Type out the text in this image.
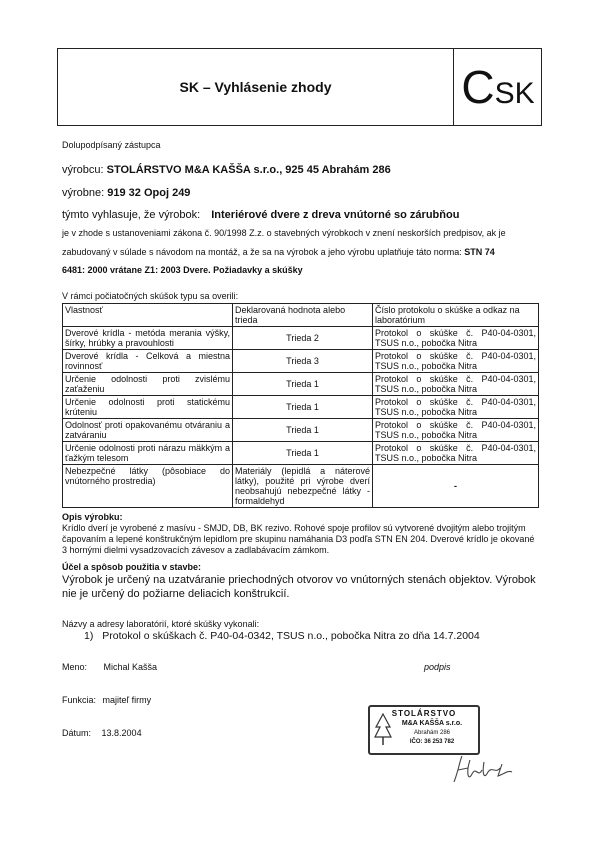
SK – Vyhlásenie zhody	CSK
Dolupodpísaný zástupca
výrobcu: STOLÁRSTVO M&A KAŠŠA s.r.o., 925 45 Abrahám 286
výrobne: 919 32 Opoj 249
týmto vyhlasuje, že výrobok: Interiérové dvere z dreva vnútorné so zárubňou
je v zhode s ustanoveniami zákona č. 90/1998 Z.z. o stavebných výrobkoch v znení neskorších predpisov, ak je
zabudovaný v súlade s návodom na montáž, a že sa na výrobok a jeho výrobu uplatňuje táto norma: STN 74
6481: 2000 vrátane Z1: 2003 Dvere. Požiadavky a skúšky
V rámci počiatočných skúšok typu sa overili:
Vlastnosť	Deklarovaná hodnota alebo trieda	Číslo protokolu o skúške a odkaz na laboratórium
Dverové krídla - metóda merania výšky, šírky, hrúbky a pravouhlosti	Trieda 2	Protokol o skúške č. P40-04-0301, TSUS n.o., pobočka Nitra
Dverové krídla - Celková a miestna rovinnosť	Trieda 3	Protokol o skúške č. P40-04-0301, TSUS n.o., pobočka Nitra
Určenie odolnosti proti zvislému zaťaženiu	Trieda 1	Protokol o skúške č. P40-04-0301, TSUS n.o., pobočka Nitra
Určenie odolnosti proti statickému krúteniu	Trieda 1	Protokol o skúške č. P40-04-0301, TSUS n.o., pobočka Nitra
Odolnosť proti opakovanému otváraniu a zatváraniu	Trieda 1	Protokol o skúške č. P40-04-0301, TSUS n.o., pobočka Nitra
Určenie odolnosti proti nárazu mäkkým a ťažkým telesom	Trieda 1	Protokol o skúške č. P40-04-0301, TSUS n.o., pobočka Nitra
Nebezpečné látky (pôsobiace do vnútorného prostredia)	Materiály (lepidlá a náterové látky), použité pri výrobe dverí neobsahujú nebezpečné látky - formaldehyd	-
Opis výrobku:
Krídlo dverí je vyrobené z masívu - SMJD, DB, BK rezivo. Rohové spoje profilov sú vytvorené dvojitým alebo trojitým čapovaním a lepené konštrukčným lepidlom pre skupinu namáhania D3 podľa STN EN 204. Dverové krídlo je okované 3 hornými dielmi vysadzovacích závesov a zadlabávacím zámkom.
Účel a spôsob použitia v stavbe:
Výrobok je určený na uzatváranie priechodných otvorov vo vnútorných stenách objektov. Výrobok nie je určený do požiarne deliacich konštrukcií.
Názvy a adresy laboratórií, ktoré skúšky vykonali:
1) Protokol o skúškach č. P40-04-0342, TSUS n.o., pobočka Nitra zo dňa 14.7.2004
Meno: Michal Kašša	podpis
Funkcia: majiteľ firmy
Dátum: 13.8.2004
STOLÁRSTVO
M&A KAŠŠA s.r.o.
Abrahám 286
IČO: 36 253 782
